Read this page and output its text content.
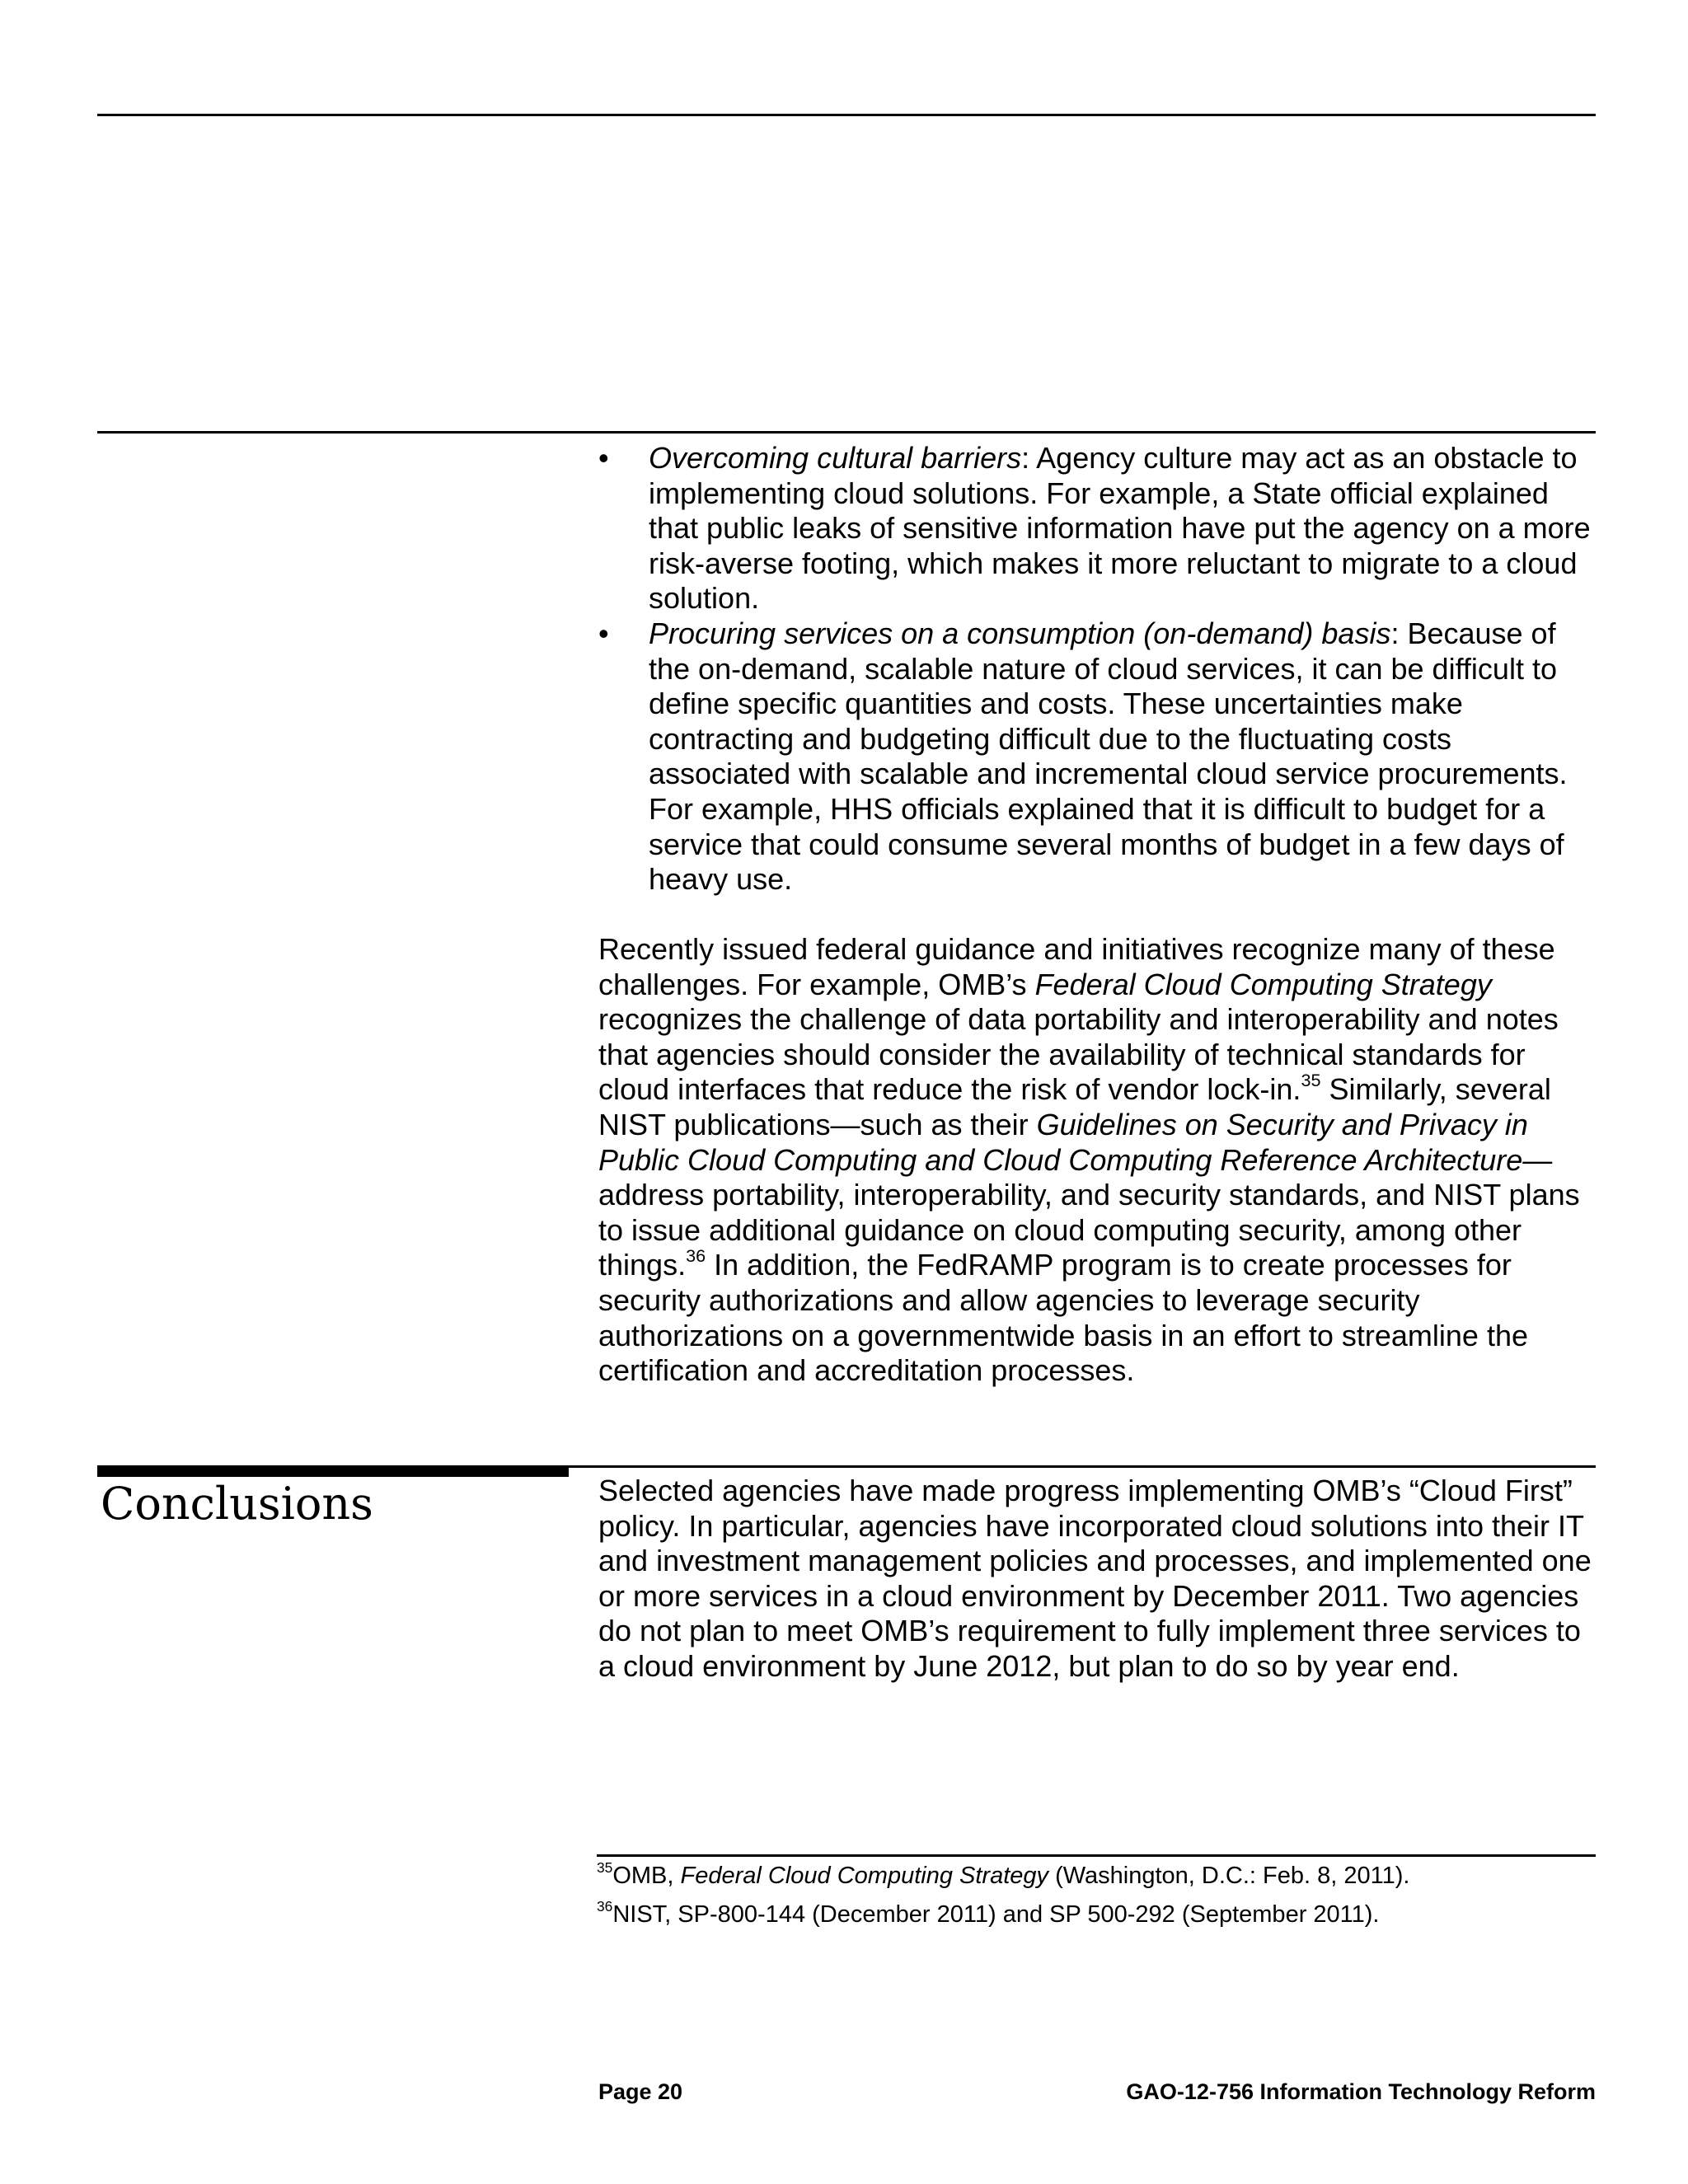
•	Overcoming cultural barriers: Agency culture may act as an obstacle to implementing cloud solutions. For example, a State official explained that public leaks of sensitive information have put the agency on a more risk-averse footing, which makes it more reluctant to migrate to a cloud solution.
•	Procuring services on a consumption (on-demand) basis: Because of the on-demand, scalable nature of cloud services, it can be difficult to define specific quantities and costs. These uncertainties make contracting and budgeting difficult due to the fluctuating costs associated with scalable and incremental cloud service procurements. For example, HHS officials explained that it is difficult to budget for a service that could consume several months of budget in a few days of heavy use.

Recently issued federal guidance and initiatives recognize many of these challenges. For example, OMB’s Federal Cloud Computing Strategy recognizes the challenge of data portability and interoperability and notes that agencies should consider the availability of technical standards for cloud interfaces that reduce the risk of vendor lock-in.$^{35}$ Similarly, several NIST publications—such as their Guidelines on Security and Privacy in Public Cloud Computing and Cloud Computing Reference Architecture—address portability, interoperability, and security standards, and NIST plans to issue additional guidance on cloud computing security, among other things.$^{36}$ In addition, the FedRAMP program is to create processes for security authorizations and allow agencies to leverage security authorizations on a governmentwide basis in an effort to streamline the certification and accreditation processes.

Conclusions	Selected agencies have made progress implementing OMB’s “Cloud First” policy. In particular, agencies have incorporated cloud solutions into their IT and investment management policies and processes, and implemented one or more services in a cloud environment by December 2011. Two agencies do not plan to meet OMB’s requirement to fully implement three services to a cloud environment by June 2012, but plan to do so by year end.

$^{35}$OMB, Federal Cloud Computing Strategy (Washington, D.C.: Feb. 8, 2011).

$^{36}$NIST, SP-800-144 (December 2011) and SP 500-292 (September 2011).

Page 20	GAO-12-756 Information Technology Reform
